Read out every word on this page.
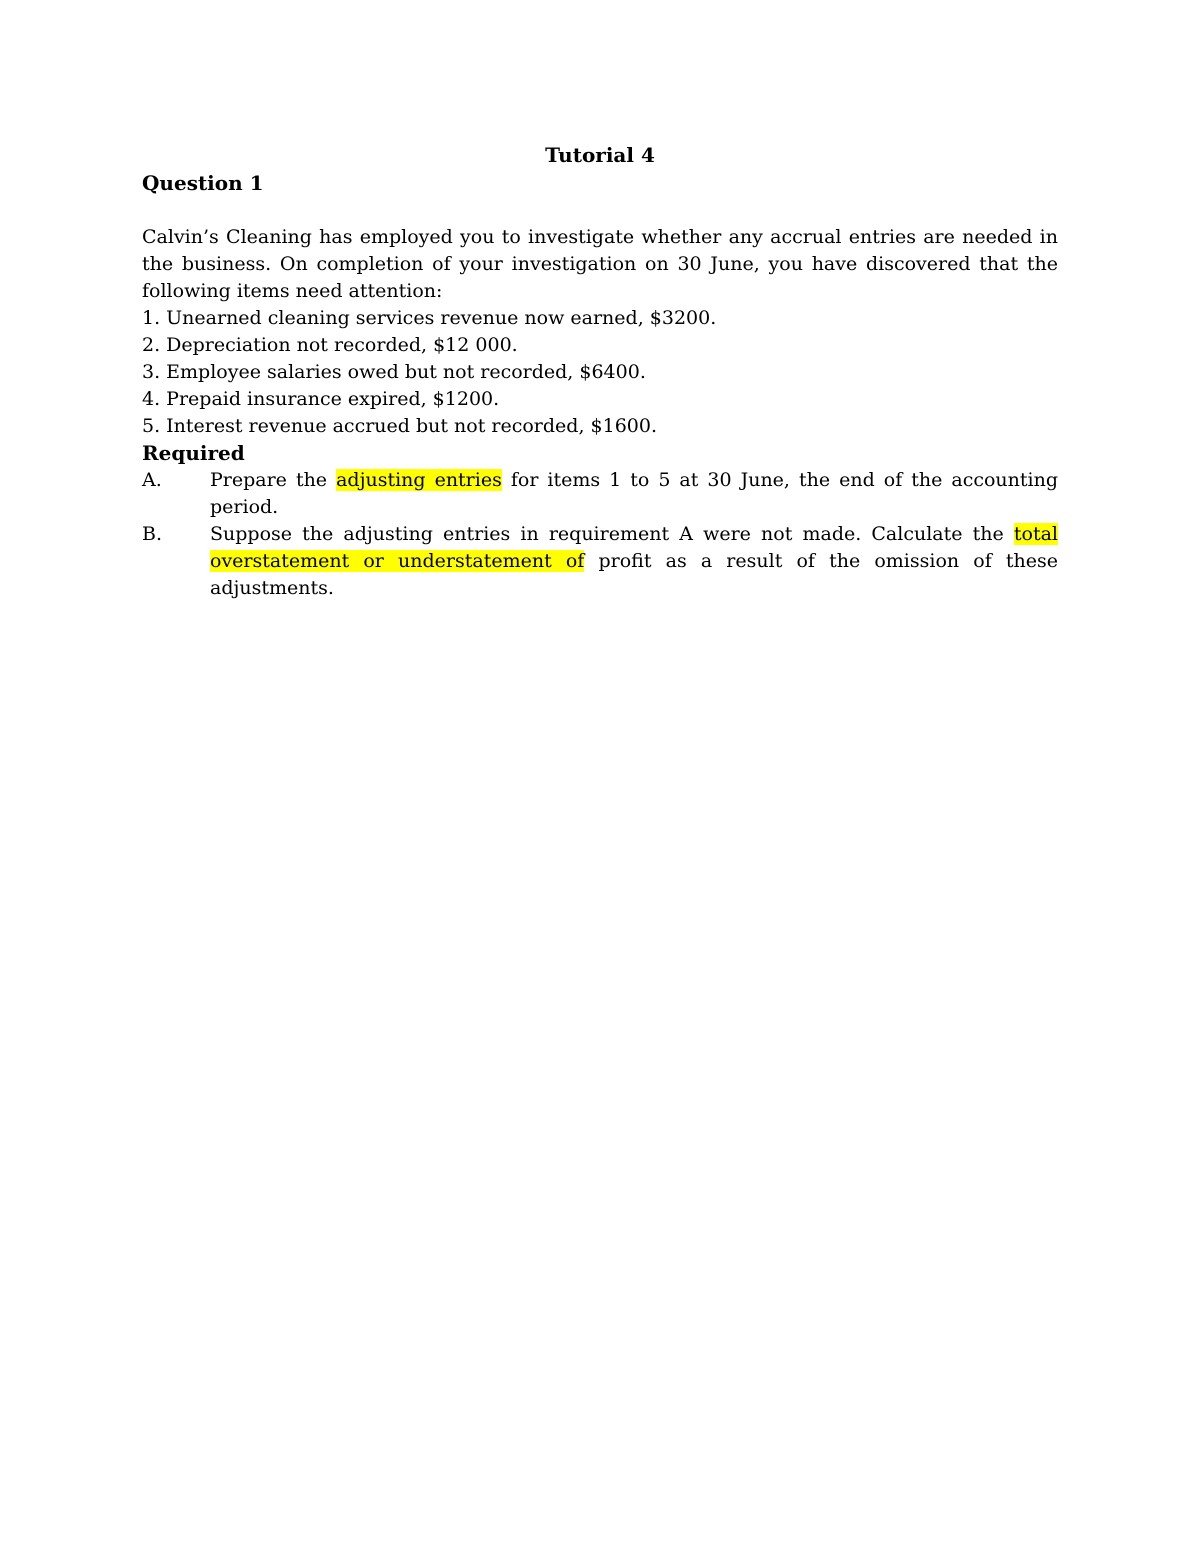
Tutorial 4

Question 1

Calvin’s Cleaning has employed you to investigate whether any accrual entries are needed in the business. On completion of your investigation on 30 June, you have discovered that the following items need attention:

1. Unearned cleaning services revenue now earned, $3200.
2. Depreciation not recorded, $12 000.
3. Employee salaries owed but not recorded, $6400.
4. Prepaid insurance expired, $1200.
5. Interest revenue accrued but not recorded, $1600.

Required

A.	Prepare the adjusting entries for items 1 to 5 at 30 June, the end of the accounting period.
B.	Suppose the adjusting entries in requirement A were not made. Calculate the total overstatement or understatement of profit as a result of the omission of these adjustments.
